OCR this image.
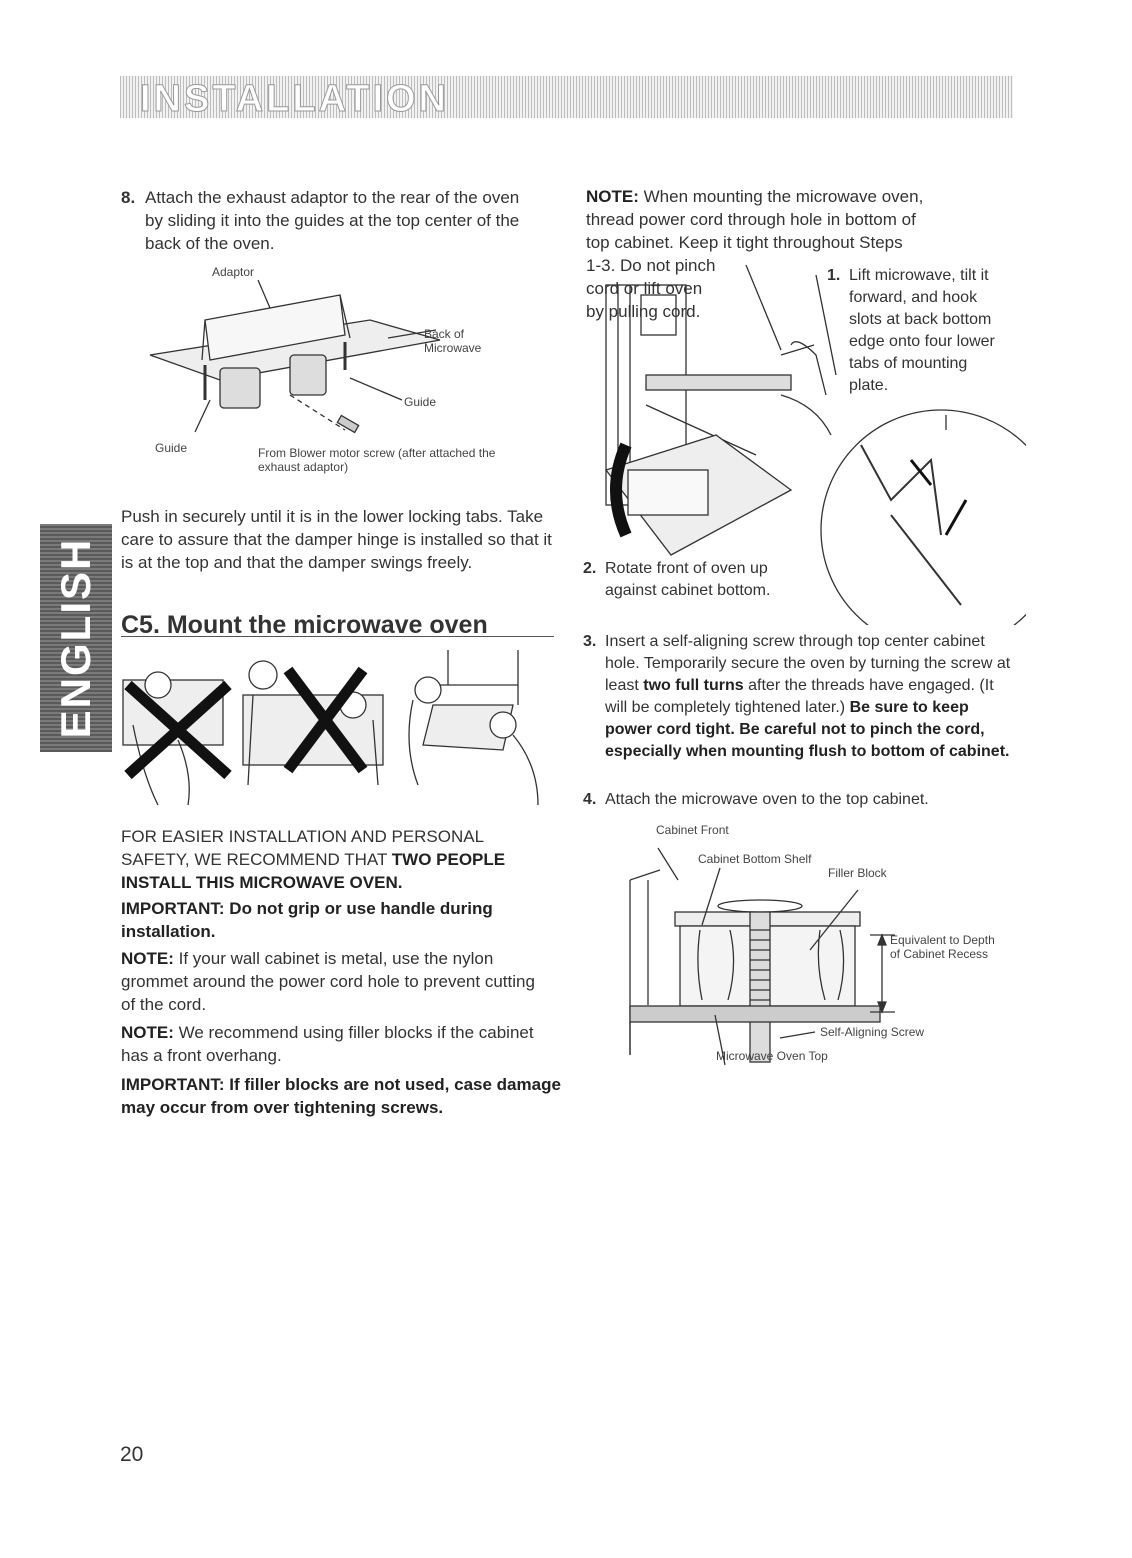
INSTALLATION
ENGLISH
8. Attach the exhaust adaptor to the rear of the oven by sliding it into the guides at the top center of the back of the oven.
Adaptor
Back of Microwave
Guide
Guide	From Blower motor screw (after attached the exhaust adaptor)
Push in securely until it is in the lower locking tabs. Take care to assure that the damper hinge is installed so that it is at the top and that the damper swings freely.
C5. Mount the microwave oven
FOR EASIER INSTALLATION AND PERSONAL SAFETY, WE RECOMMEND THAT TWO PEOPLE INSTALL THIS MICROWAVE OVEN.
IMPORTANT: Do not grip or use handle during installation.
NOTE: If your wall cabinet is metal, use the nylon grommet around the power cord hole to prevent cutting of the cord.
NOTE: We recommend using filler blocks if the cabinet has a front overhang.
IMPORTANT: If filler blocks are not used, case damage may occur from over tightening screws.
NOTE: When mounting the microwave oven,
thread power cord through hole in bottom of
top cabinet. Keep it tight throughout Steps
1-3. Do not pinch
cord or lift oven
by pulling cord.
1. Lift microwave, tilt it forward, and hook slots at back bottom edge onto four lower tabs of mounting plate.
2. Rotate front of oven up against cabinet bottom.
3. Insert a self-aligning screw through top center cabinet hole. Temporarily secure the oven by turning the screw at least two full turns after the threads have engaged. (It will be completely tightened later.) Be sure to keep power cord tight. Be careful not to pinch the cord, especially when mounting flush to bottom of cabinet.
4. Attach the microwave oven to the top cabinet.
Cabinet Front
Cabinet Bottom Shelf
Filler Block
Equivalent to Depth of Cabinet Recess
Self-Aligning Screw
Microwave Oven Top
20
